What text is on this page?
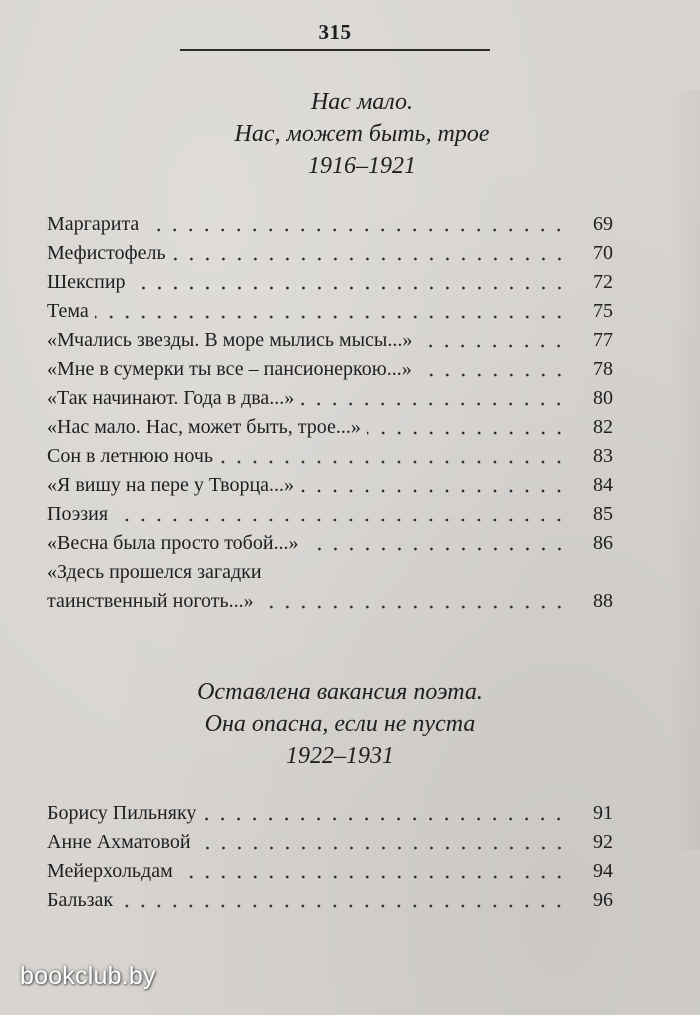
315
Нас мало.
Нас, может быть, трое
1916–1921
Маргарита	69
Мефистофель	70
Шекспир	72
Тема	75
«Мчались звезды. В море мылись мысы...»	77
«Мне в сумерки ты все – пансионеркою...»	78
«Так начинают. Года в два...»	80
«Нас мало. Нас, может быть, трое...»	82
Сон в летнюю ночь	83
«Я вишу на пере у Творца...»	84
Поэзия	85
«Весна была просто тобой...»	86
«Здесь прошелся загадки
таинственный ноготь...»	88
Оставлена вакансия поэта.
Она опасна, если не пуста
1922–1931
Борису Пильняку	91
Анне Ахматовой	92
Мейерхольдам	94
Бальзак	96
bookclub.by
